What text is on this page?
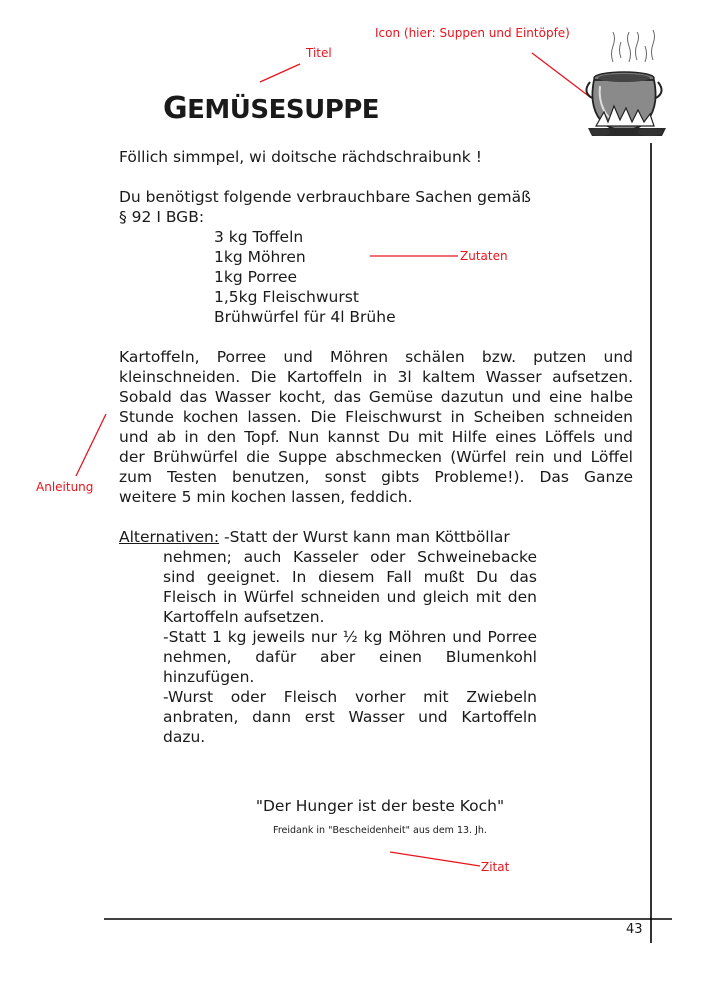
Icon (hier: Suppen und Eintöpfe)
Titel
Zutaten
Anleitung
Zitat
GEMÜSESUPPE
Föllich simmpel, wi doitsche rächdschraibunk !
Du benötigst folgende verbrauchbare Sachen gemäß
§ 92 I BGB:
3 kg Toffeln
1kg Möhren
1kg Porree
1,5kg Fleischwurst
Brühwürfel für 4l Brühe
Kartoffeln, Porree und Möhren schälen bzw. putzen und
kleinschneiden. Die Kartoffeln in 3l kaltem Wasser aufsetzen.
Sobald das Wasser kocht, das Gemüse dazutun und eine halbe
Stunde kochen lassen. Die Fleischwurst in Scheiben schneiden
und ab in den Topf. Nun kannst Du mit Hilfe eines Löffels und
der Brühwürfel die Suppe abschmecken (Würfel rein und Löffel
zum Testen benutzen, sonst gibts Probleme!). Das Ganze
weitere 5 min kochen lassen, feddich.
Alternativen: -Statt der Wurst kann man Köttböllar

nehmen; auch Kasseler oder Schweinebacke sind geeignet. In diesem Fall mußt Du das Fleisch in Würfel schneiden und gleich mit den Kartoffeln aufsetzen.

-Statt 1 kg jeweils nur ½ kg Möhren und Porree nehmen, dafür aber einen Blumenkohl hinzufügen.

-Wurst oder Fleisch vorher mit Zwiebeln anbraten, dann erst Wasser und Kartoffeln dazu.

"Der Hunger ist der beste Koch"
Freidank in "Bescheidenheit" aus dem 13. Jh.
43
